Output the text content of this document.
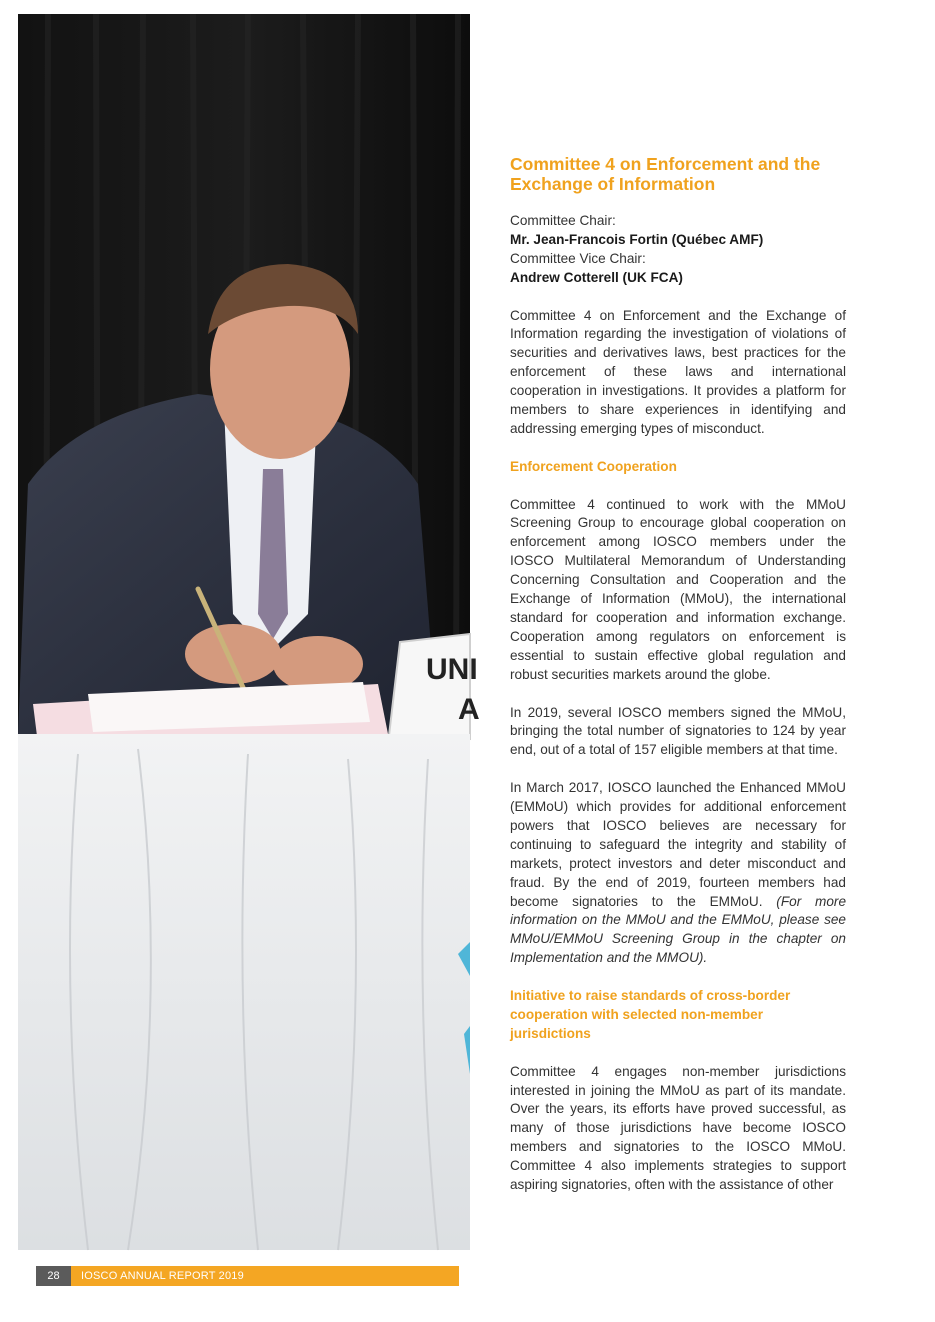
UNI
A
Committee 4 on Enforcement and the Exchange of Information
Committee Chair:
Mr. Jean-Francois Fortin (Québec AMF)
Committee Vice Chair:
Andrew Cotterell (UK FCA)
Committee 4 on Enforcement and the Exchange of Information regarding the investigation of violations of securities and derivatives laws, best practices for the enforcement of these laws and international cooperation in investigations. It provides a platform for members to share experiences in identifying and addressing emerging types of misconduct.
Enforcement Cooperation
Committee 4 continued to work with the MMoU Screening Group to encourage global cooperation on enforcement among IOSCO members under the IOSCO Multilateral Memorandum of Understanding Concerning Consultation and Cooperation and the Exchange of Information (MMoU), the international standard for cooperation and information exchange. Cooperation among regulators on enforcement is essential to sustain effective global regulation and robust securities markets around the globe.
In 2019, several IOSCO members signed the MMoU, bringing the total number of signatories to 124 by year end, out of a total of 157 eligible members at that time.
In March 2017, IOSCO launched the Enhanced MMoU (EMMoU) which provides for additional enforcement powers that IOSCO believes are necessary for continuing to safeguard the integrity and stability of markets, protect investors and deter misconduct and fraud. By the end of 2019, fourteen members had become signatories to the EMMoU. (For more information on the MMoU and the EMMoU, please see MMoU/EMMoU Screening Group in the chapter on Implementation and the MMOU).
Initiative to raise standards of cross-border cooperation with selected non-member jurisdictions
Committee 4 engages non-member jurisdictions interested in joining the MMoU as part of its mandate. Over the years, its efforts have proved successful, as many of those jurisdictions have become IOSCO members and signatories to the IOSCO MMoU. Committee 4 also implements strategies to support aspiring signatories, often with the assistance of other
28	IOSCO ANNUAL REPORT 2019
